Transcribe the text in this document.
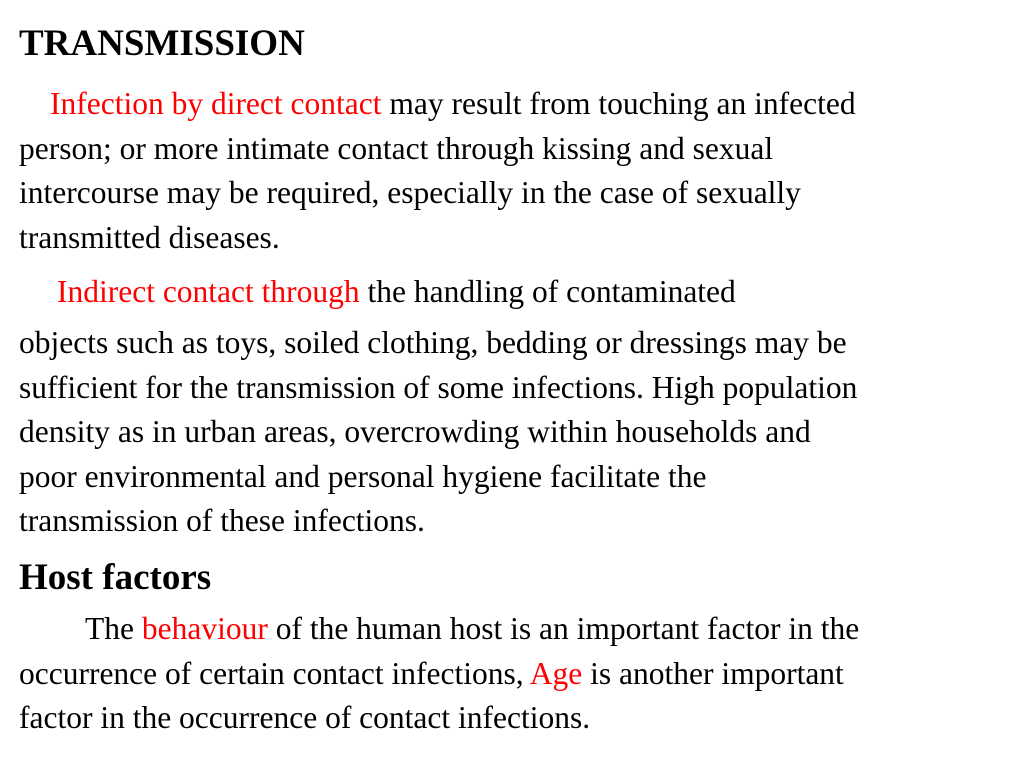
TRANSMISSION
Infection by direct contact may result from touching an infected
person; or more intimate contact through kissing and sexual
intercourse may be required, especially in the case of sexually
transmitted diseases.
Indirect contact through the handling of contaminated
objects such as toys, soiled clothing, bedding or dressings may be
sufficient for the transmission of some infections. High population
density as in urban areas, overcrowding within households and
poor environmental and personal hygiene facilitate the
transmission of these infections.
Host factors
The behaviour of the human host is an important factor in the
occurrence of certain contact infections, Age is another important
factor in the occurrence of contact infections.
